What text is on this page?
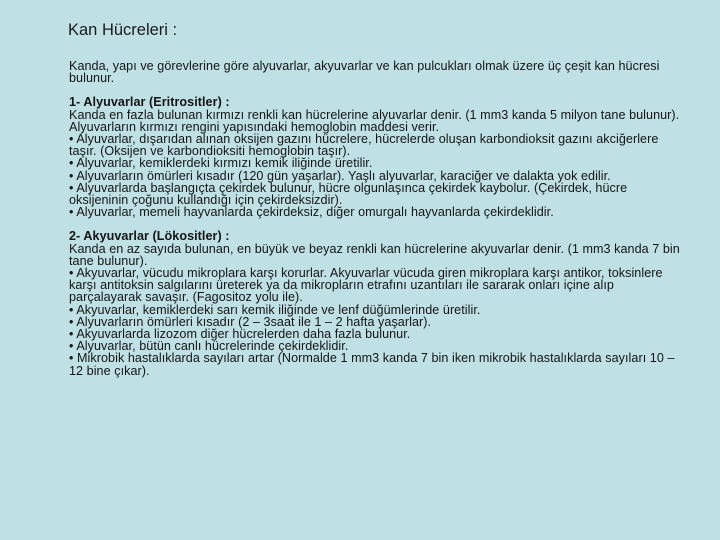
Kan Hücreleri :

Kanda, yapı ve görevlerine göre alyuvarlar, akyuvarlar ve kan pulcukları olmak üzere üç çeşit kan hücresi bulunur.

1- Alyuvarlar (Eritrositler) :

Kanda en fazla bulunan kırmızı renkli kan hücrelerine alyuvarlar denir. (1 mm3 kanda 5 milyon tane bulunur). Alyuvarların kırmızı rengini yapısındaki hemoglobin maddesi verir.

• Alyuvarlar, dışarıdan alınan oksijen gazını hücrelere, hücrelerde oluşan karbondioksit gazını akciğerlere taşır. (Oksijen ve karbondioksiti hemoglobin taşır).

• Alyuvarlar, kemiklerdeki kırmızı kemik iliğinde üretilir.

• Alyuvarların ömürleri kısadır (120 gün yaşarlar). Yaşlı alyuvarlar, karaciğer ve dalakta yok edilir.

• Alyuvarlarda başlangıçta çekirdek bulunur, hücre olgunlaşınca çekirdek kaybolur. (Çekirdek, hücre oksijeninin çoğunu kullandığı için çekirdeksizdir).

• Alyuvarlar, memeli hayvanlarda çekirdeksiz, diğer omurgalı hayvanlarda çekirdeklidir.

2- Akyuvarlar (Lökositler) :

Kanda en az sayıda bulunan, en büyük ve beyaz renkli kan hücrelerine akyuvarlar denir. (1 mm3 kanda 7 bin tane bulunur).

• Akyuvarlar, vücudu mikroplara karşı korurlar. Akyuvarlar vücuda giren mikroplara karşı antikor, toksinlere karşı antitoksin salgılarını üreterek ya da mikropların etrafını uzantıları ile sararak onları içine alıp parçalayarak savaşır. (Fagositoz yolu ile).

• Akyuvarlar, kemiklerdeki sarı kemik iliğinde ve lenf düğümlerinde üretilir.

• Alyuvarların ömürleri kısadır (2 – 3saat ile 1 – 2 hafta yaşarlar).

• Akyuvarlarda lizozom diğer hücrelerden daha fazla bulunur.

• Alyuvarlar, bütün canlı hücrelerinde çekirdeklidir.

• Mikrobik hastalıklarda sayıları artar (Normalde 1 mm3 kanda 7 bin iken mikrobik hastalıklarda sayıları 10 – 12 bine çıkar).
